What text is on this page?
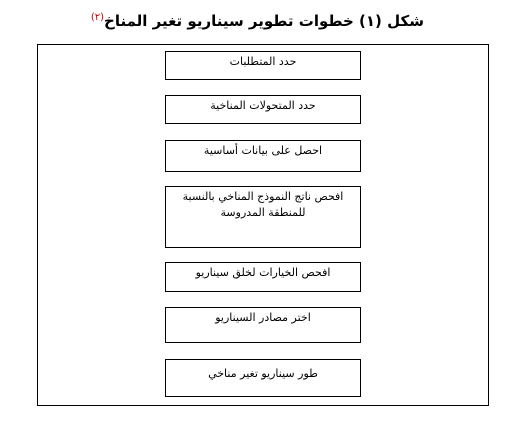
شكل (١) خطوات تطوير سيناريو تغير المناخ$^{(٢)}$
حدد المتطلبات
حدد المتحولات المناخية
احصل على بيانات أساسية
افحص ناتج النموذج المناخي بالنسبة للمنطقة المدروسة
افحص الخيارات لخلق سيناريو
اختر مصادر السيناريو
طور سيناريو تغير مناخي
